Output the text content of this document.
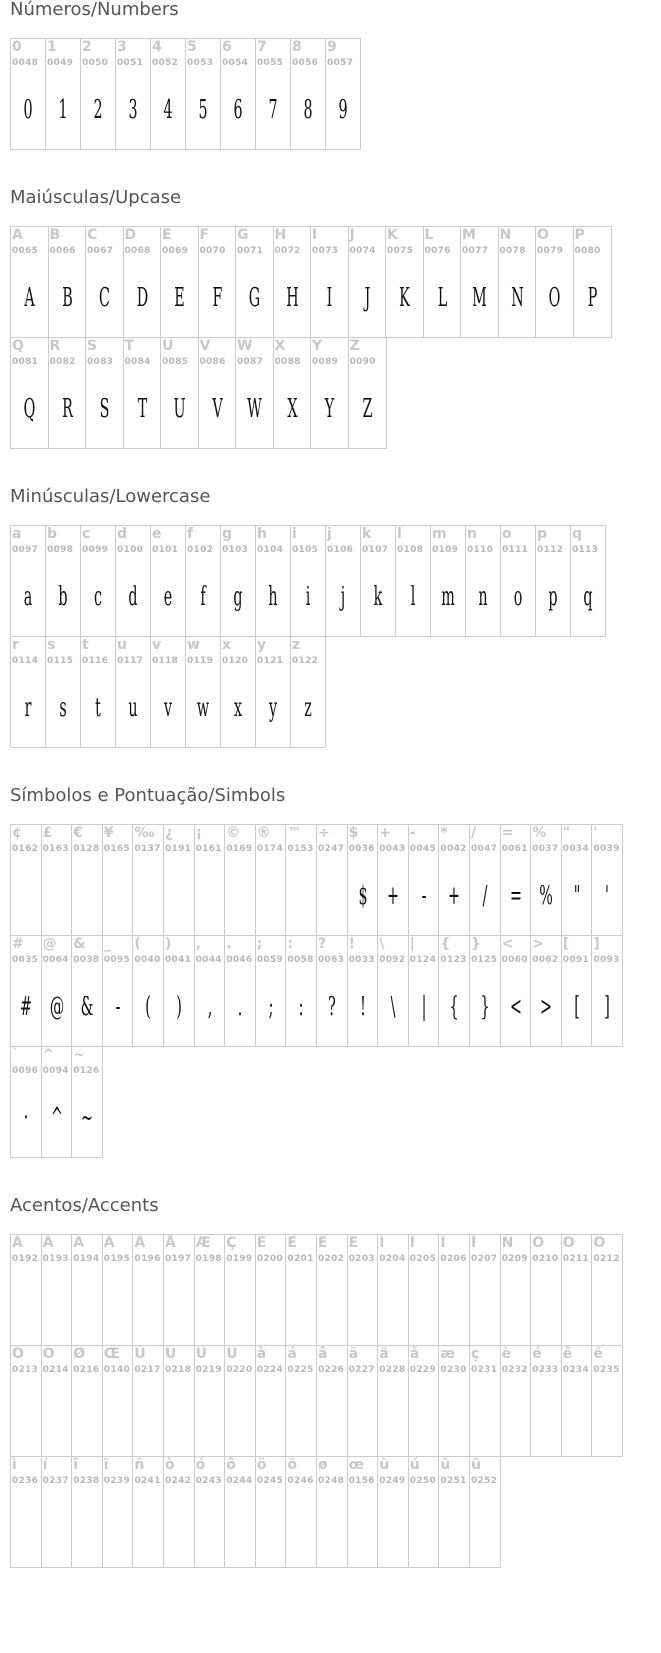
Números/Numbers
0
0048
0
1
0049
1
2
0050
2
3
0051
3
4
0052
4
5
0053
5
6
0054
6
7
0055
7
8
0056
8
9
0057
9
Maiúsculas/Upcase
A
0065
A
B
0066
B
C
0067
C
D
0068
D
E
0069
E
F
0070
F
G
0071
G
H
0072
H
I
0073
I
J
0074
J
K
0075
K
L
0076
L
M
0077
M
N
0078
N
O
0079
O
P
0080
P
Q
0081
Q
R
0082
R
S
0083
S
T
0084
T
U
0085
U
V
0086
V
W
0087
W
X
0088
X
Y
0089
Y
Z
0090
Z
Minúsculas/Lowercase
a
0097
a
b
0098
b
c
0099
c
d
0100
d
e
0101
e
f
0102
f
g
0103
g
h
0104
h
i
0105
i
j
0106
j
k
0107
k
l
0108
l
m
0109
m
n
0110
n
o
0111
o
p
0112
p
q
0113
q
r
0114
r
s
0115
s
t
0116
t
u
0117
u
v
0118
v
w
0119
w
x
0120
x
y
0121
y
z
0122
z
Símbolos e Pontuação/Simbols
¢
0162
£
0163
€
0128
¥
0165
‰
0137
¿
0191
¡
0161
©
0169
®
0174
™
0153
÷
0247
$
0036
$
+
0043
+
-
0045
-
*
0042
+
/
0047
/
=
0061
=
%
0037
%
"
0034
"
'
0039
'
#
0035
#
@
0064
@
&
0038
&
_
0095
-
(
0040
(
)
0041
)
,
0044
,
.
0046
.
;
0059
;
:
0058
:
?
0063
?
!
0033
!
\
0092
\
|
0124
|
{
0123
{
}
0125
}
<
0060
<
>
0062
>
[
0091
[
]
0093
]
`
0096
·
^
0094
^
~
0126
~
Acentos/Accents
À
0192
Á
0193
Â
0194
Ã
0195
Ä
0196
Å
0197
Æ
0198
Ç
0199
È
0200
É
0201
Ê
0202
Ë
0203
Ì
0204
Í
0205
Î
0206
Ï
0207
Ñ
0209
Ò
0210
Ó
0211
Ô
0212
Õ
0213
Ö
0214
Ø
0216
Œ
0140
Ù
0217
Ú
0218
Û
0219
Ü
0220
à
0224
á
0225
â
0226
ã
0227
ä
0228
å
0229
æ
0230
ç
0231
è
0232
é
0233
ê
0234
ë
0235
ì
0236
í
0237
î
0238
ï
0239
ñ
0241
ò
0242
ó
0243
ô
0244
õ
0245
ö
0246
ø
0248
œ
0156
ù
0249
ú
0250
û
0251
ü
0252
